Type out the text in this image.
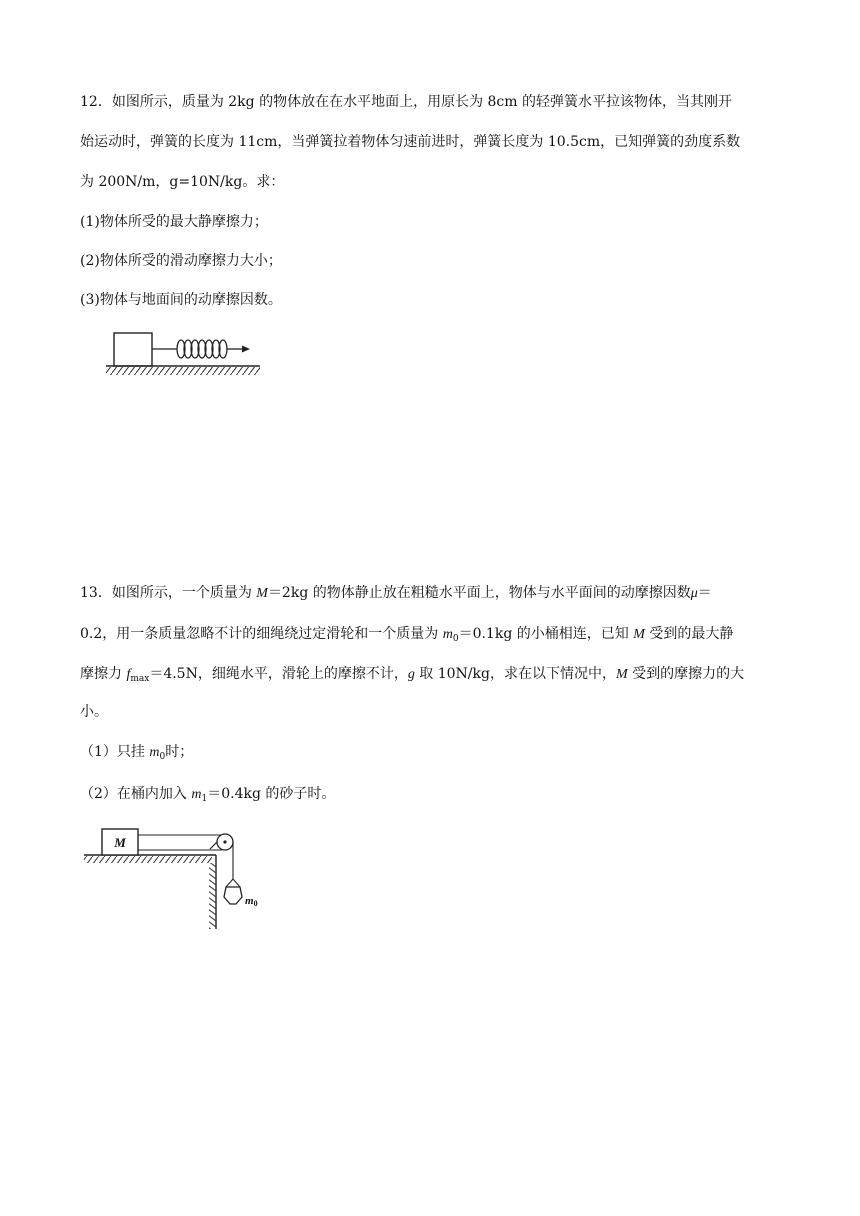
12．如图所示，质量为 2kg 的物体放在在水平地面上，用原长为 8cm 的轻弹簧水平拉该物体，当其刚开
始运动时，弹簧的长度为 11cm，当弹簧拉着物体匀速前进时，弹簧长度为 10.5cm，已知弹簧的劲度系数
为 200N/m，g=10N/kg。求：
(1)物体所受的最大静摩擦力；
(2)物体所受的滑动摩擦力大小；
(3)物体与地面间的动摩擦因数。
13．如图所示，一个质量为 M＝2kg 的物体静止放在粗糙水平面上，物体与水平面间的动摩擦因数μ＝
0.2，用一条质量忽略不计的细绳绕过定滑轮和一个质量为 $m_0=0.1kg$ 的小桶相连，已知 M 受到的最大静
摩擦力 $f_{max}=4.5N$，细绳水平，滑轮上的摩擦不计，g 取 10N/kg，求在以下情况中，M 受到的摩擦力的大
小。
（1）只挂 $m_0$时；
（2）在桶内加入 $m_1=0.4kg$ 的砂子时。
M
m0
